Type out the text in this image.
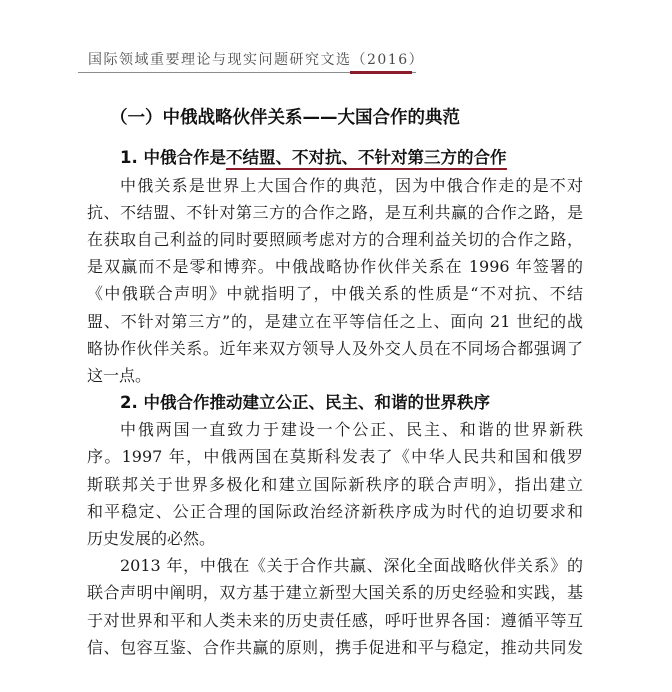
国际领域重要理论与现实问题研究文选（2016）
（一）中俄战略伙伴关系——大国合作的典范
1. 中俄合作是不结盟、不对抗、不针对第三方的合作
中俄关系是世界上大国合作的典范，因为中俄合作走的是不对
抗、不结盟、不针对第三方的合作之路，是互利共赢的合作之路，是
在获取自己利益的同时要照顾考虑对方的合理利益关切的合作之路，
是双赢而不是零和博弈。中俄战略协作伙伴关系在 1996 年签署的
《中俄联合声明》中就指明了，中俄关系的性质是“不对抗、不结
盟、不针对第三方”的，是建立在平等信任之上、面向 21 世纪的战
略协作伙伴关系。近年来双方领导人及外交人员在不同场合都强调了
这一点。
2. 中俄合作推动建立公正、民主、和谐的世界秩序
中俄两国一直致力于建设一个公正、民主、和谐的世界新秩
序。1997 年，中俄两国在莫斯科发表了《中华人民共和国和俄罗
斯联邦关于世界多极化和建立国际新秩序的联合声明》，指出建立
和平稳定、公正合理的国际政治经济新秩序成为时代的迫切要求和
历史发展的必然。
2013 年，中俄在《关于合作共赢、深化全面战略伙伴关系》的
联合声明中阐明，双方基于建立新型大国关系的历史经验和实践，基
于对世界和平和人类未来的历史责任感，呼吁世界各国：遵循平等互
信、包容互鉴、合作共赢的原则，携手促进和平与稳定，推动共同发
